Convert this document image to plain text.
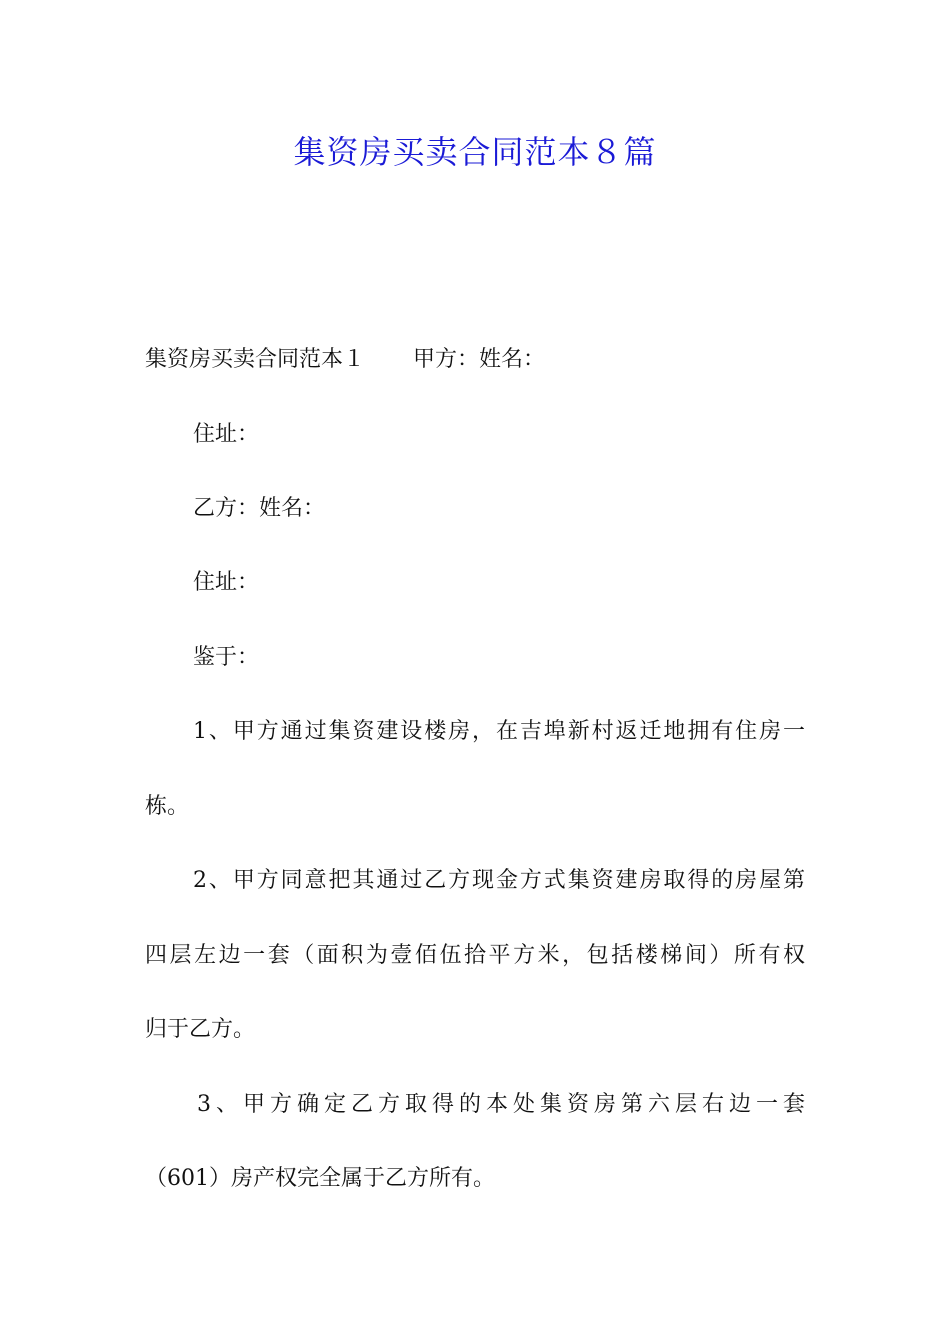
集资房买卖合同范本８篇
集资房买卖合同范本１ 甲方：姓名：
住址：
乙方：姓名：
住址：
鉴于：
1、甲方通过集资建设楼房，在吉埠新村返迁地拥有住房一
栋。
2、甲方同意把其通过乙方现金方式集资建房取得的房屋第
四层左边一套（面积为壹佰伍拾平方米，包括楼梯间）所有权
归于乙方。
3、甲方确定乙方取得的本处集资房第六层右边一套
（601）房产权完全属于乙方所有。
